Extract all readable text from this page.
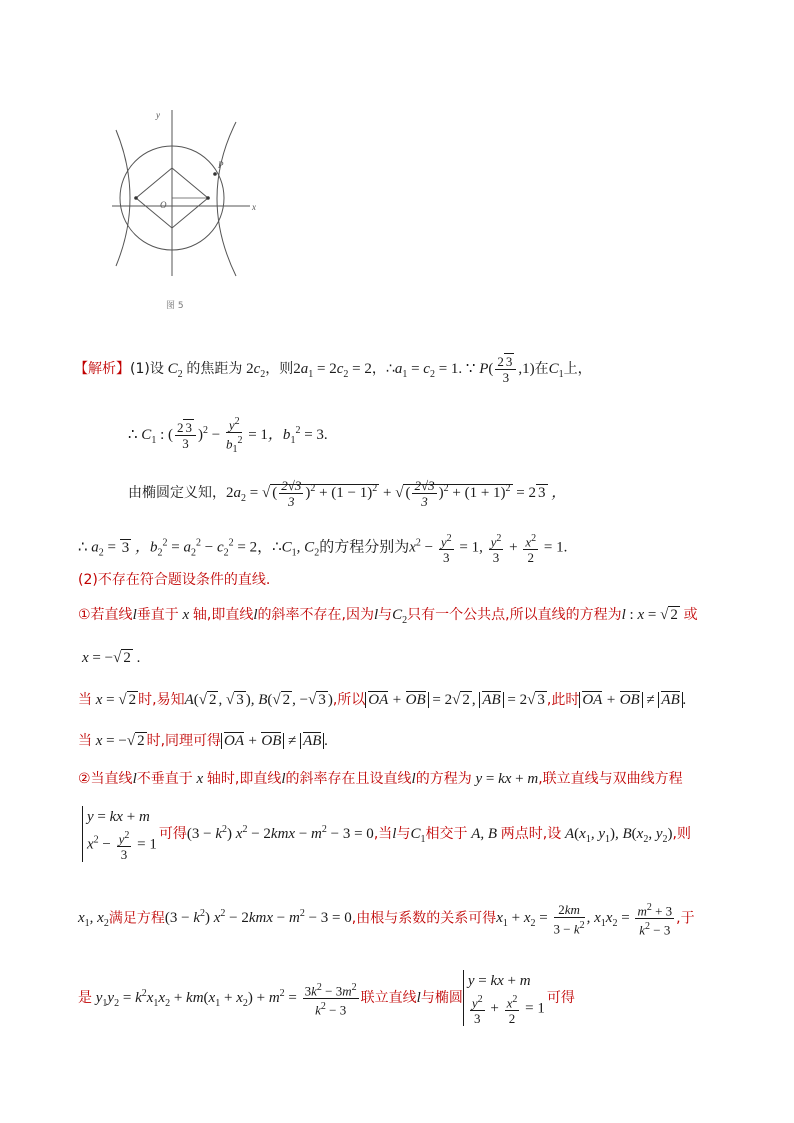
y
x
P
O
图 5
【解析】(1)设 $C_2$ 的焦距为 $2c_2$，则$2a_1 = 2c_2 = 2$，$\therefore a_1 = c_2 = 1$. ∵ $P( \frac{2 3}{3} ,1)$在$C_1$上，
∴ $C_1$ : ( $\frac{2 3}{3} )^2 - \frac{y^2}{b_1^2} = 1$，$b_1^2 = 3$.
由椭圆定义知，$2a_2$ = √ ( $\frac{2√3}{3} )^2 + (1 - 1)^2$ + √ ( $\frac{2√3}{3} )^2 + (1 + 1)^2 = 2$ 3 ，
∴ $a_2 = 3$ ，$b_2^2 = a_2^2 - c_2^2 = 2$，$\therefore C_1$, $C_2$的方程分别为$x^2 - \frac{y^2}{3} = 1$, $\frac{y^2}{3} + \frac{x^2}{2} = 1$.
(2)不存在符合题设条件的直线.
①若直线l垂直于 x 轴,即直线l的斜率不存在,因为l与$C_2$只有一个公共点,所以直线的方程为l : x = √ 2 或
x = −√ 2 .
当 x = √ 2 时,易知A(√ 2 , √ 3 ), B(√ 2 , −√ 3 ),所以 OA + OB = 2√ 2 , AB = 2√ 3 ,此时 OA + OB ≠ AB .
当 x = −√ 2 时,同理可得 OA + OB ≠ AB .
②当直线l不垂直于 x 轴时,即直线l的斜率存在且设直线l的方程为 y = kx + m,联立直线与双曲线方程
y = kx + m
$x^2 - \frac{y^2}{3} = 1$
可得$(3 - k^2)$ $x^2 - 2kmx - m^2 - 3 = 0$,当l与$C_1$相交于 A, B 两点时,设 $A(x_1$, $y_1$), $B(x_2$, $y_2$),则
$x_1$, $x_2$满足方程$(3 - k^2)$ $x^2 - 2kmx - m^2 - 3 = 0$,由根与系数的关系可得$x_1 + x_2 = \frac{2km}{3 - k^2}$ , $x_1x_2 = \frac{m^2 + 3}{k^2 - 3}$ ,于
是 $y_1y_2 = k^2x_1x_2 + km(x_1 + x_2) + m^2 = \frac{3k^2 - 3m^2}{k^2 - 3}$ 联立直线l与椭圆
y = kx + m
$\frac{y^2}{3} + \frac{x^2}{2} = 1$
可得
